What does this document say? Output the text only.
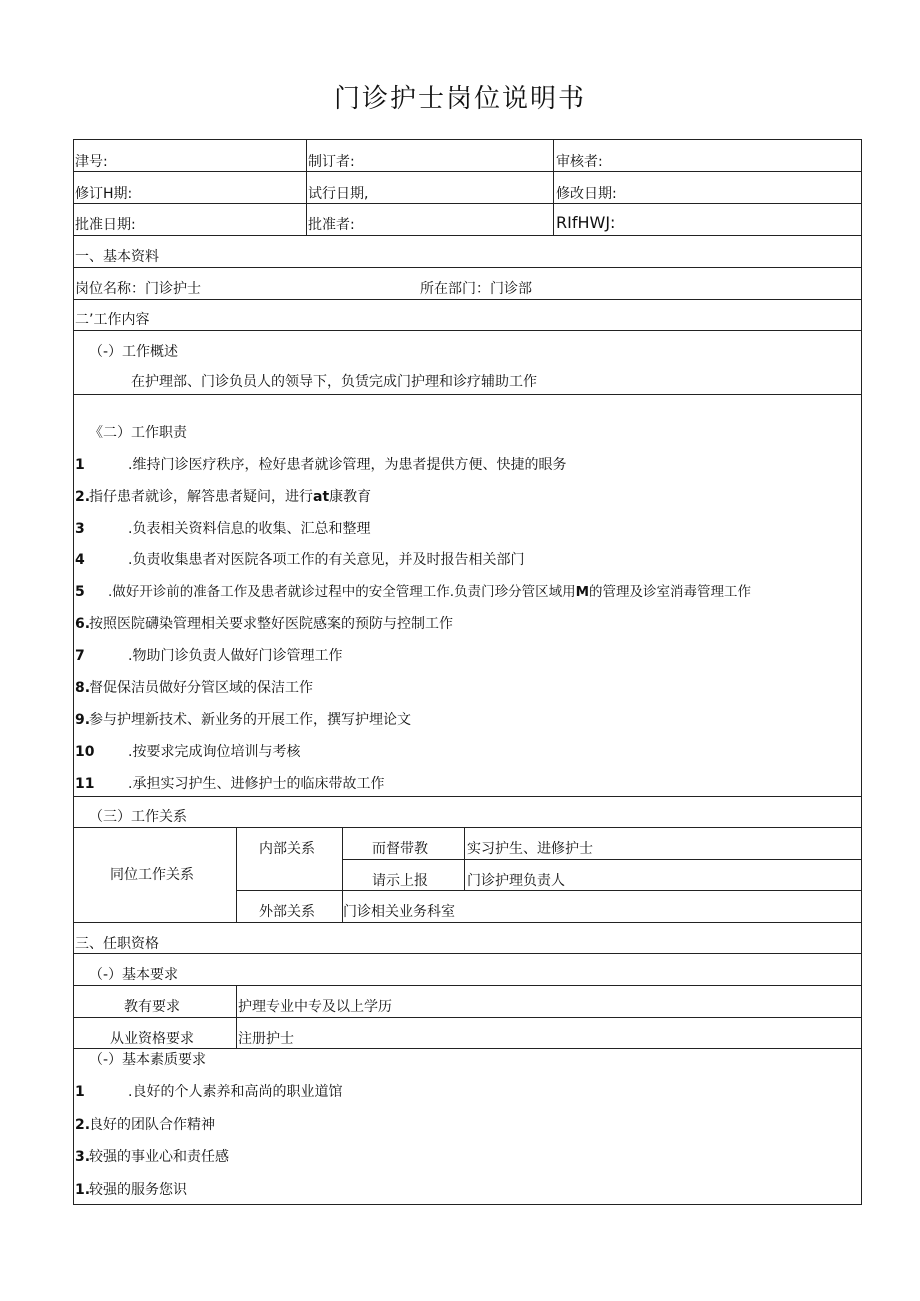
门诊护士岗位说明书
津号:	制订者:	审核者:
修订H期:	试行日期,	修改日期:
批准日期:	批准者:	RIfHWJ:
一、基本资料
岗位名称：门诊护士	所在部门：门诊部
二’工作内容
（-）工作概述
在护理部、门诊负员人的领导下，负赁完成门护理和诊疗辅助工作
《二）工作职责
1	.维持门诊医疗秩序，检好患者就诊管理，为患者提供方便、快捷的眼务
2.
指仔患者就诊，解答患者疑问，进行at康教育
3	.负表相关资料信息的收集、汇总和整理
4	.负责收集患者对医院各项工作的有关意见，并及时报告相关部门
5 .做好开诊前的准备工作及患者就诊过程中的安全管理工作.负责门珍分管区域用M的管理及诊室消毒管理工作
6.
按照医院礴染管理相关要求整好医院感案的预防与控制工作
7	.物助门诊负责人做好门诊管理工作
8.
督促保洁员做好分管区域的保洁工作
9.
参与护埋新技术、新业务的开展工作，撰写护埋论文
10 .按要求完成询位培训与考核
11 .承担实习护生、进修护士的临床带故工作
（三）工作关系
同位工作关系
内部关系	而督带教	实习护生、进修护士
请示上报	门诊护理负责人
外部关系 门诊相关业务科室
三、任职资格
（-）基本要求
教有要求	护理专业中专及以上学历
从业资格要求	注册护士
（-）基本素质要求
1	.良好的个人素养和高尚的职业道馆
2.
良好的团队合作精神
3.
较强的事业心和责任感
1.
较强的服务您识
